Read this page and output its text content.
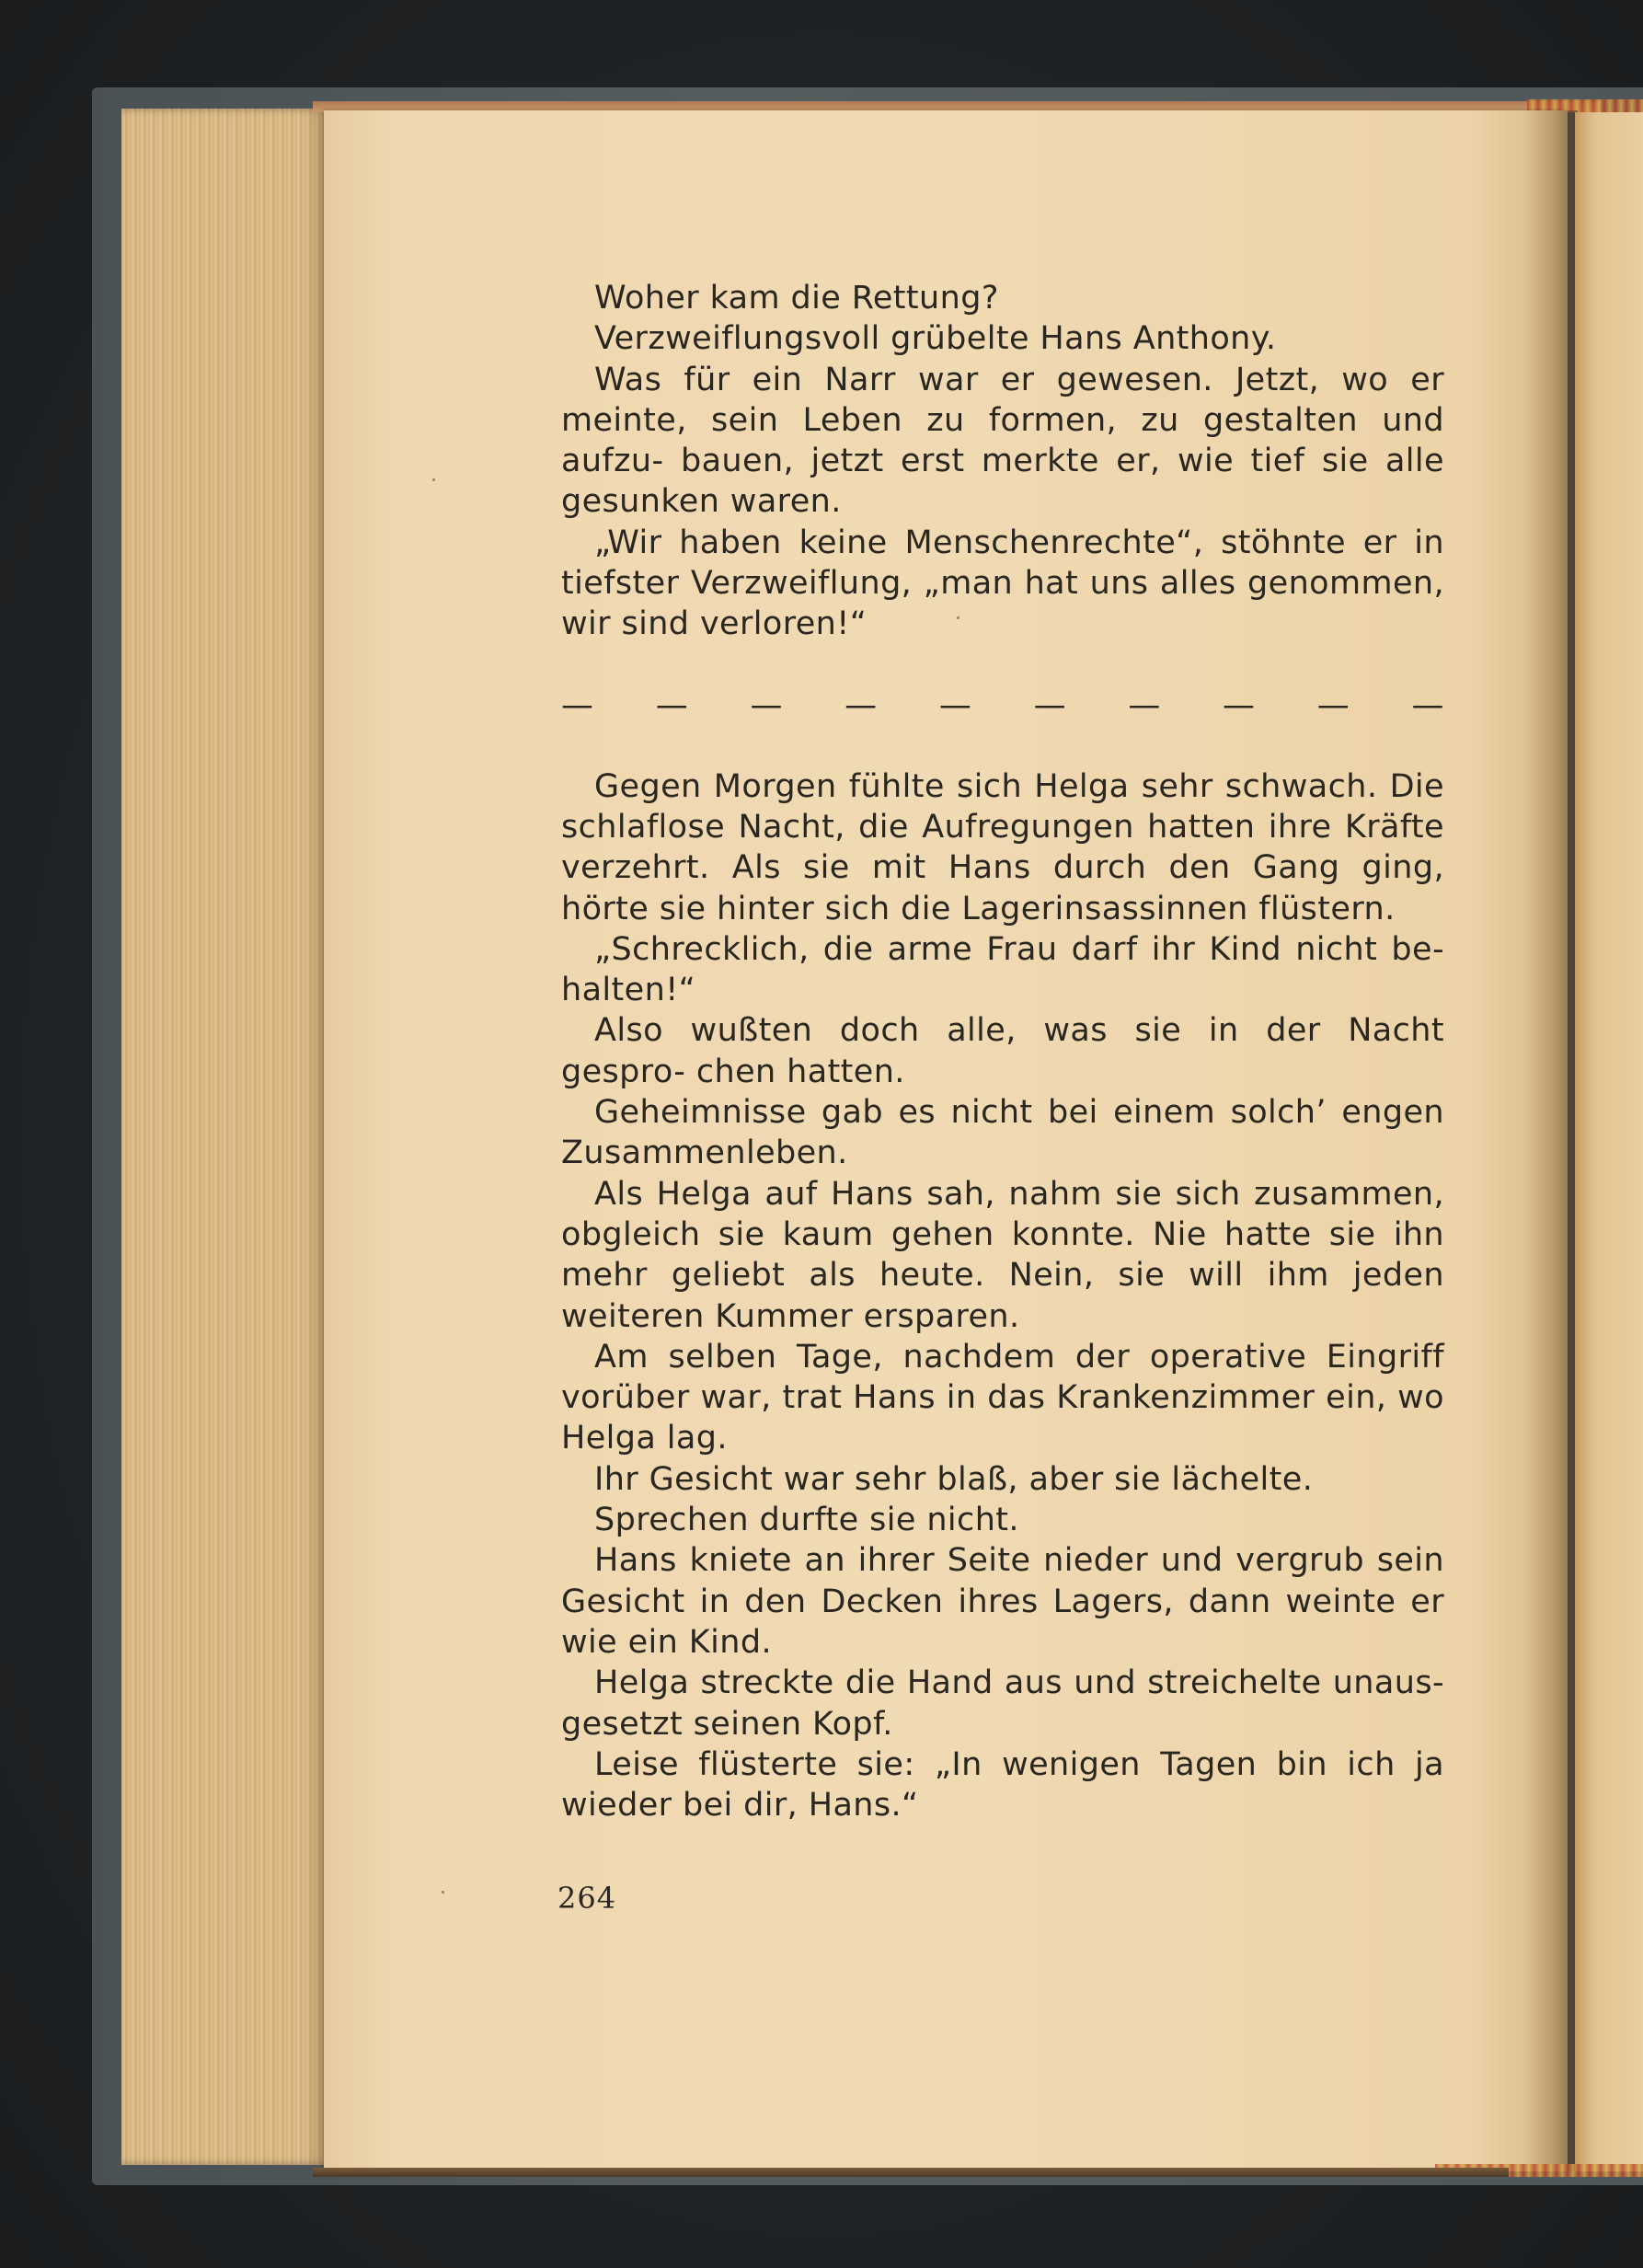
Woher kam die Rettung?

Verzweiflungsvoll grübelte Hans Anthony.

Was für ein Narr war er gewesen. Jetzt, wo er meinte, sein Leben zu formen, zu gestalten und aufzu- bauen, jetzt erst merkte er, wie tief sie alle gesunken waren.

„Wir haben keine Menschenrechte“, stöhnte er in tiefster Verzweiflung, „man hat uns alles genommen, wir sind verloren!“

— — — — — — — — — —

Gegen Morgen fühlte sich Helga sehr schwach. Die schlaflose Nacht, die Aufregungen hatten ihre Kräfte verzehrt. Als sie mit Hans durch den Gang ging, hörte sie hinter sich die Lagerinsassinnen flüstern.

„Schrecklich, die arme Frau darf ihr Kind nicht be- halten!“

Also wußten doch alle, was sie in der Nacht gespro- chen hatten.

Geheimnisse gab es nicht bei einem solch’ engen Zusammenleben.

Als Helga auf Hans sah, nahm sie sich zusammen, obgleich sie kaum gehen konnte. Nie hatte sie ihn mehr geliebt als heute. Nein, sie will ihm jeden weiteren Kummer ersparen.

Am selben Tage, nachdem der operative Eingriff vorüber war, trat Hans in das Krankenzimmer ein, wo Helga lag.

Ihr Gesicht war sehr blaß, aber sie lächelte.

Sprechen durfte sie nicht.

Hans kniete an ihrer Seite nieder und vergrub sein Gesicht in den Decken ihres Lagers, dann weinte er wie ein Kind.

Helga streckte die Hand aus und streichelte unaus- gesetzt seinen Kopf.

Leise flüsterte sie: „In wenigen Tagen bin ich ja wieder bei dir, Hans.“

264
